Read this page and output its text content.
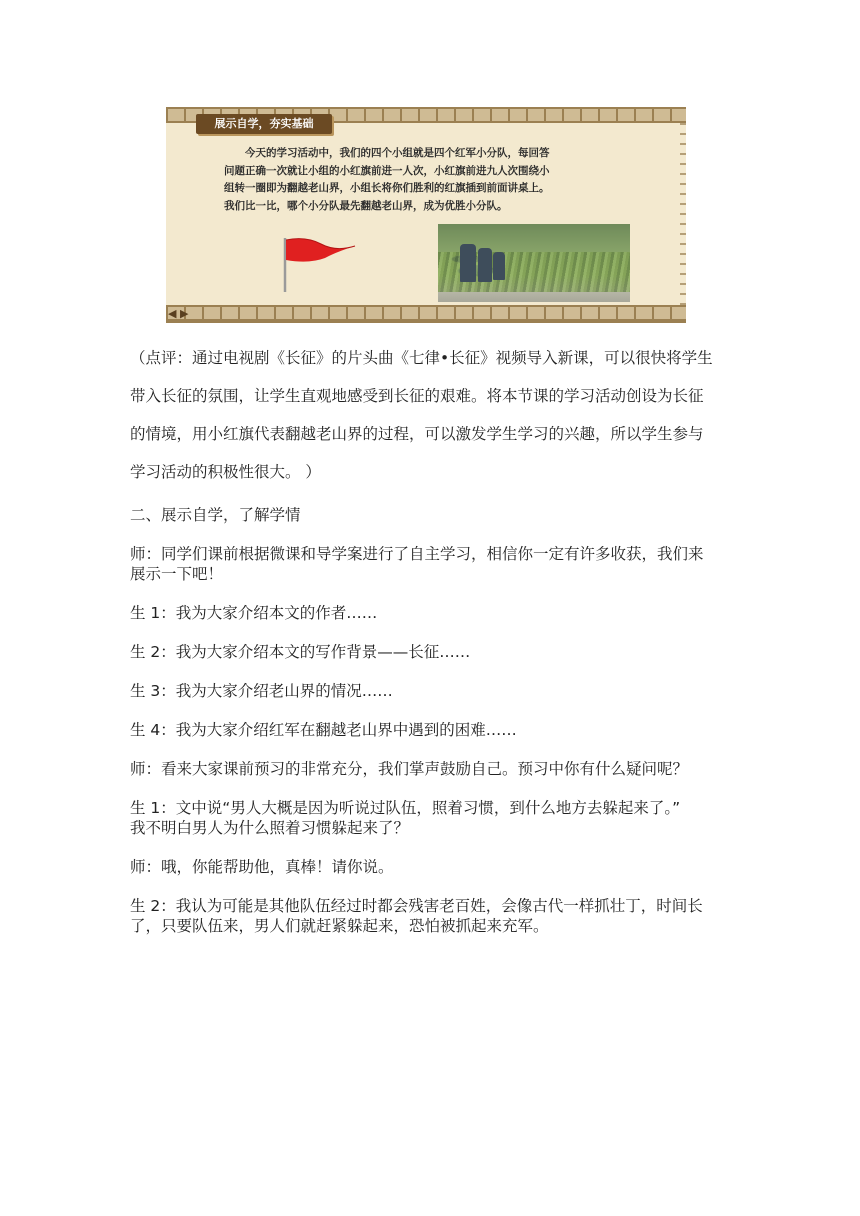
展示自学，夯实基础

今天的学习活动中，我们的四个小组就是四个红军小分队，每回答

问题正确一次就让小组的小红旗前进一人次，小红旗前进九人次围绕小

组转一圈即为翻越老山界，小组长将你们胜利的红旗插到前面讲桌上。

我们比一比，哪个小分队最先翻越老山界，成为优胜小分队。

◀ ▶

（点评：通过电视剧《长征》的片头曲《七律•长征》视频导入新课，可以很快将学生

带入长征的氛围，让学生直观地感受到长征的艰难。将本节课的学习活动创设为长征

的情境，用小红旗代表翻越老山界的过程，可以激发学生学习的兴趣，所以学生参与

学习活动的积极性很大。 ）

二、展示自学，了解学情

师：同学们课前根据微课和导学案进行了自主学习，相信你一定有许多收获，我们来

展示一下吧！

生 1：我为大家介绍本文的作者……

生 2：我为大家介绍本文的写作背景——长征……

生 3：我为大家介绍老山界的情况……

生 4：我为大家介绍红军在翻越老山界中遇到的困难……

师：看来大家课前预习的非常充分，我们掌声鼓励自己。预习中你有什么疑问呢？

生 1：文中说“男人大概是因为听说过队伍，照着习惯，到什么地方去躲起来了。”

我不明白男人为什么照着习惯躲起来了？

师：哦，你能帮助他，真棒！请你说。

生 2：我认为可能是其他队伍经过时都会残害老百姓，会像古代一样抓壮丁，时间长

了，只要队伍来，男人们就赶紧躲起来，恐怕被抓起来充军。
